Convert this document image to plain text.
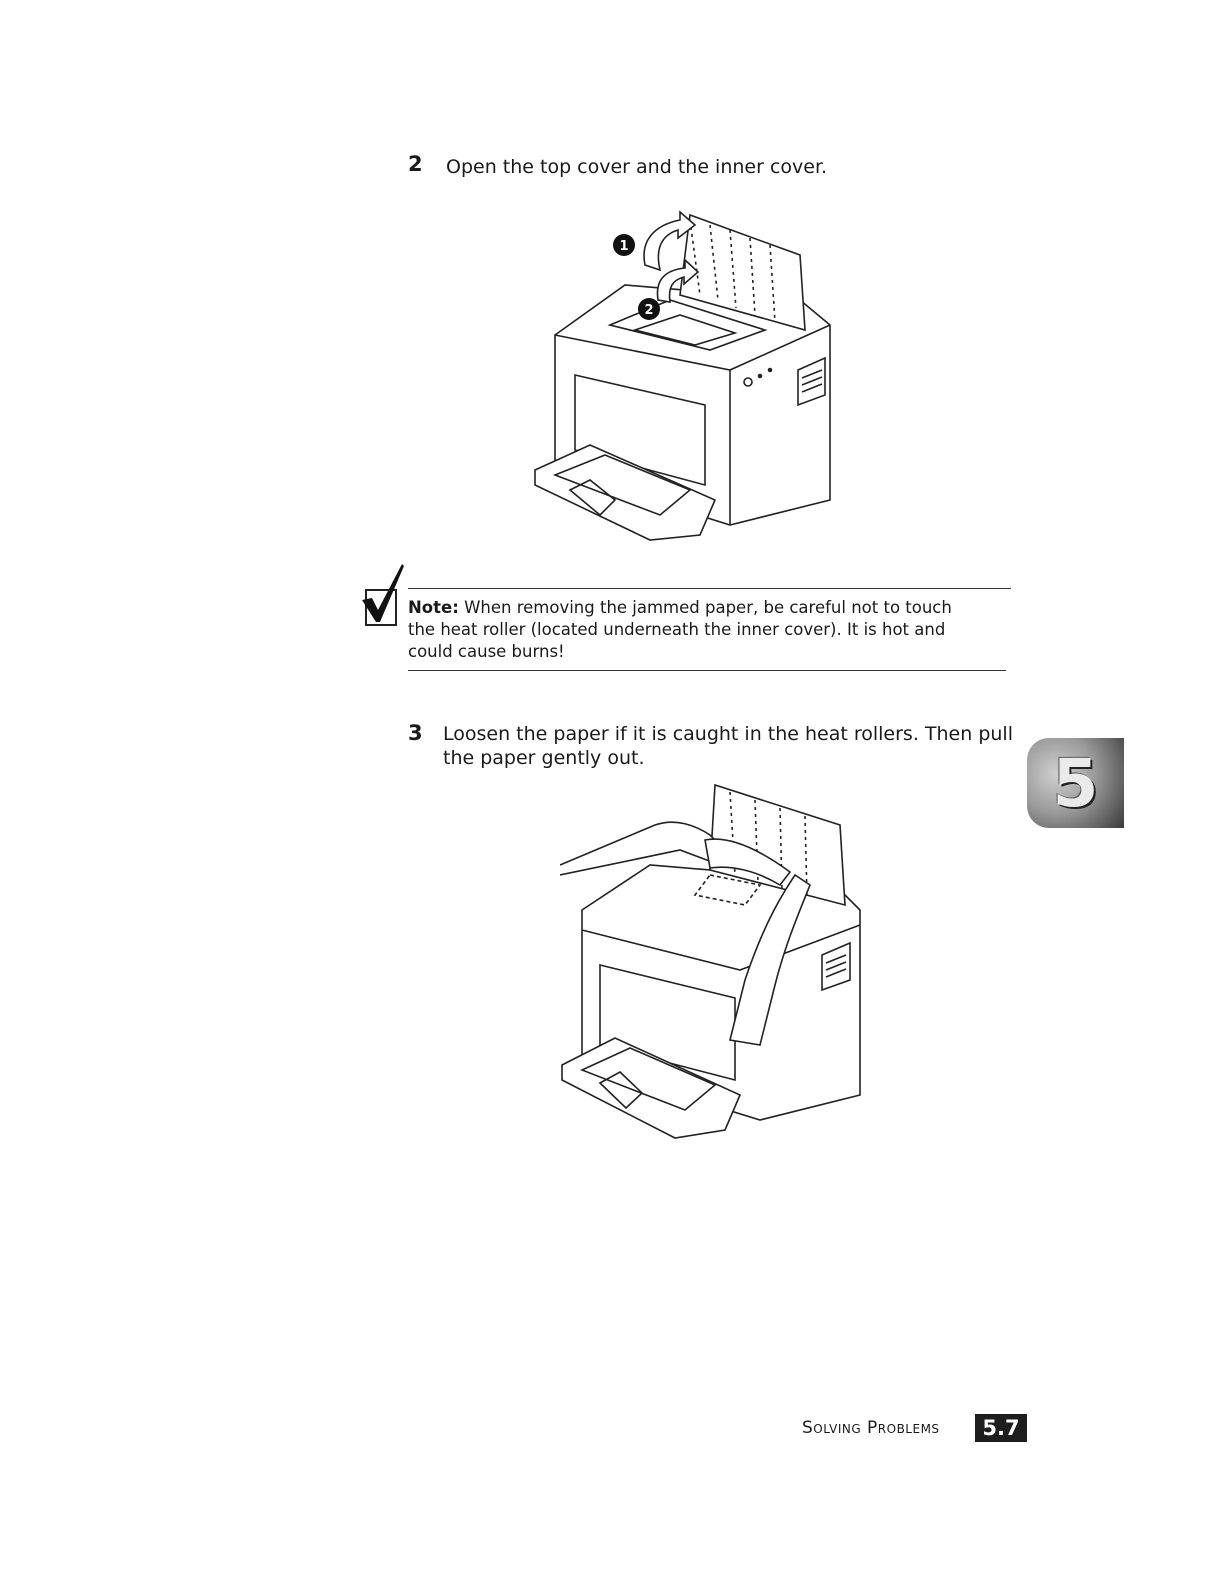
2 Open the top cover and the inner cover.
1
2
Note: When removing the jammed paper, be careful not to touch
the heat roller (located underneath the inner cover). It is hot and
could cause burns!
3 Loosen the paper if it is caught in the heat rollers. Then pull
the paper gently out.	5
Solving Problems 5.7
